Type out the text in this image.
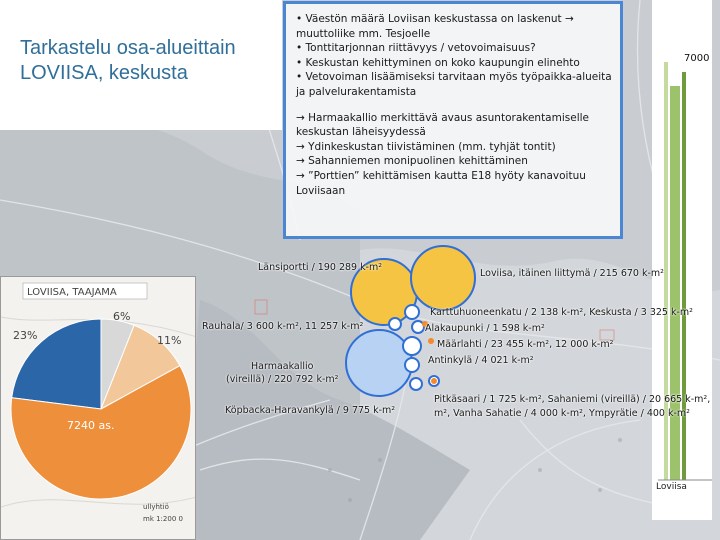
7000
Loviisa
Tarkastelu osa-alueittain
LOVIISA, keskusta

• Väestön määrä Loviisan keskustassa on laskenut → muuttoliike mm. Tesjoelle

• Tonttitarjonnan riittävyys / vetovoimaisuus?

• Keskustan kehittyminen on koko kaupungin elinehto

• Vetovoiman lisäämiseksi tarvitaan myös työpaikka-alueita ja palvelurakentamista

→ Harmaakallio merkittävä avaus asuntorakentamiselle keskustan läheisyydessä

→ Ydinkeskustan tiivistäminen (mm. tyhjät tontit)

→ Sahanniemen monipuolinen kehittäminen

→ ”Porttien” kehittämisen kautta E18 hyöty kanavoituu Loviisaan

Länsiportti / 190 289 k-m²
Loviisa, itäinen liittymä / 215 670 k-m²
Karttuhuoneenkatu / 2 138 k-m², Keskusta / 3 325 k-m²
Alakaupunki / 1 598 k-m²
Määrlahti / 23 455 k-m², 12 000 k-m²
Antinkylä / 4 021 k-m²
Rauhala/ 3 600 k-m², 11 257 k-m²
Harmaakallio
(vireillä) / 220 792 k-m²
Köpbacka-Haravankylä / 9 775 k-m²
Pitkäsaari / 1 725 k-m², Sahaniemi (vireillä) / 20 665 k-m²,
m², Vanha Sahatie / 4 000 k-m², Ympyrätie / 400 k-m²
LOVIISA, TAAJAMA
23%
6%
11%
7240 as.
ullyhtiö
mk 1:200 0
